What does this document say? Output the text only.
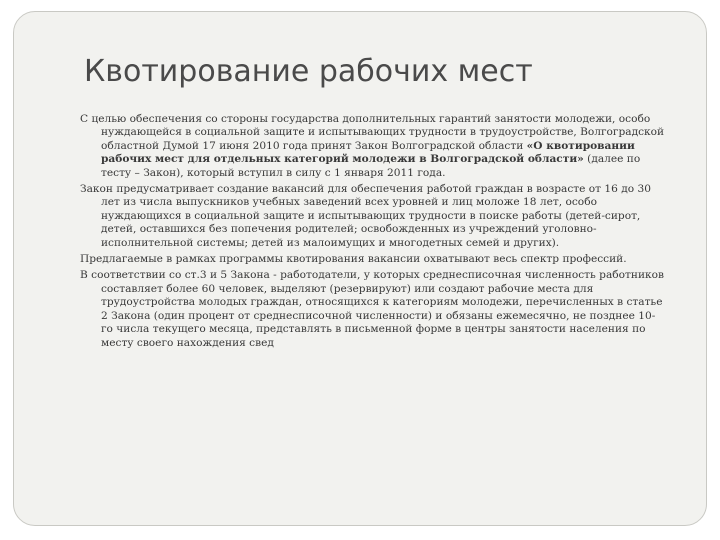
Квотирование рабочих мест

С целью обеспечения со стороны государства дополнительных гарантий занятости молодежи, особо нуждающейся в социальной защите и испытывающих трудности в трудоустройстве, Волгоградской областной Думой 17 июня 2010 года принят Закон Волгоградской области «О квотировании рабочих мест для отдельных категорий молодежи в Волгоградской области» (далее по тесту – Закон), который вступил в силу с 1 января 2011 года.

Закон предусматривает создание вакансий для обеспечения работой граждан в возрасте от 16 до 30 лет из числа выпускников учебных заведений всех уровней и лиц моложе 18 лет, особо нуждающихся в социальной защите и испытывающих трудности в поиске работы (детей-сирот, детей, оставшихся без попечения родителей; освобожденных из учреждений уголовно-исполнительной системы; детей из малоимущих и многодетных семей и других).

Предлагаемые в рамках программы квотирования вакансии охватывают весь спектр профессий.

В соответствии со ст.3 и 5 Закона - работодатели, у которых среднесписочная численность работников составляет более 60 человек, выделяют (резервируют) или создают рабочие места для трудоустройства молодых граждан, относящихся к категориям молодежи, перечисленных в статье 2 Закона (один процент от среднесписочной численности) и обязаны ежемесячно, не позднее 10-го числа текущего месяца, представлять в письменной форме в центры занятости населения по месту своего нахождения свед
